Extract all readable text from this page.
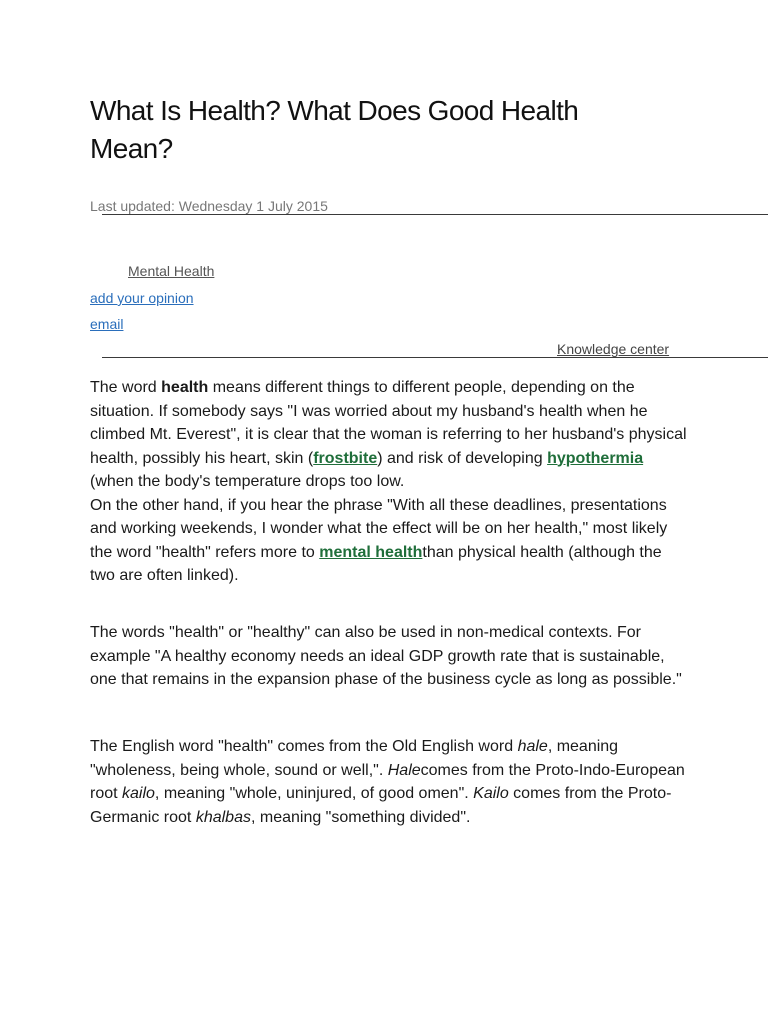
What Is Health? What Does Good Health Mean?
Last updated: Wednesday 1 July 2015
Mental Health
add your opinion
email
Knowledge center

The word health means different things to different people, depending on the situation. If somebody says "I was worried about my husband's health when he climbed Mt. Everest", it is clear that the woman is referring to her husband's physical health, possibly his heart, skin (frostbite) and risk of developing hypothermia (when the body's temperature drops too low.
On the other hand, if you hear the phrase "With all these deadlines, presentations and working weekends, I wonder what the effect will be on her health," most likely the word "health" refers more to mental healththan physical health (although the two are often linked).

The words "health" or "healthy" can also be used in non-medical contexts. For example "A healthy economy needs an ideal GDP growth rate that is sustainable, one that remains in the expansion phase of the business cycle as long as possible."

The English word "health" comes from the Old English word hale, meaning "wholeness, being whole, sound or well,". Halecomes from the Proto-Indo-European root kailo, meaning "whole, uninjured, of good omen". Kailo comes from the Proto-Germanic root khalbas, meaning "something divided".
